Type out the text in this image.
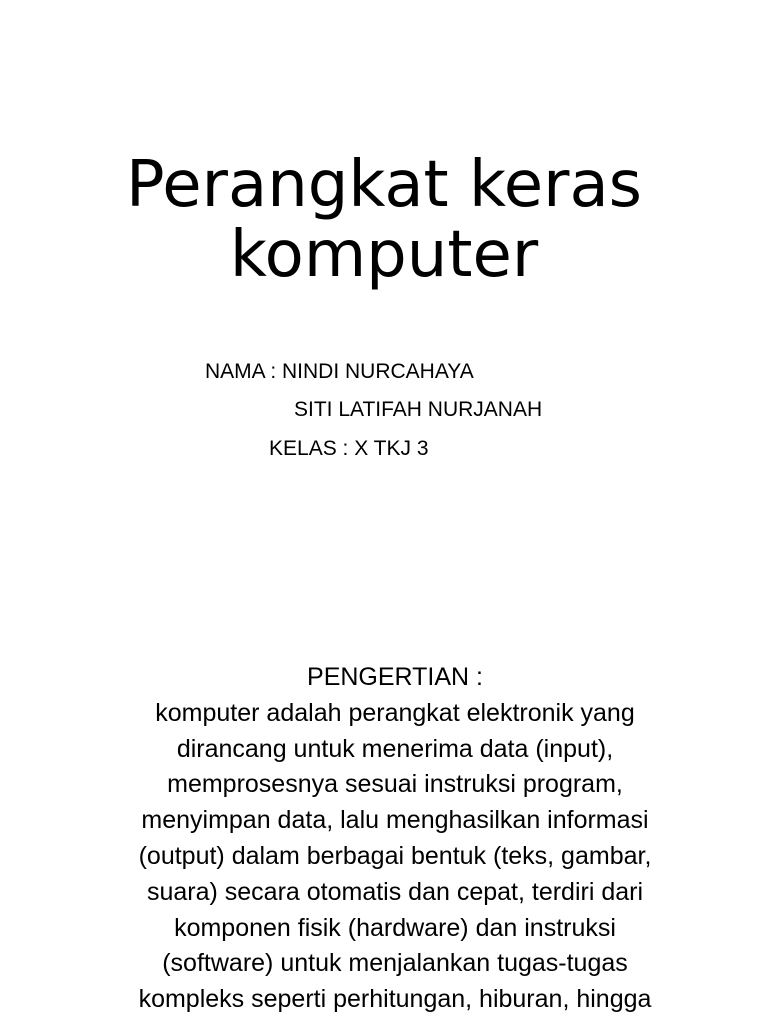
Perangkat keras
komputer
NAMA : NINDI NURCAHAYA
SITI LATIFAH NURJANAH
KELAS : X TKJ 3
PENGERTIAN :
komputer adalah perangkat elektronik yang
dirancang untuk menerima data (input),
memprosesnya sesuai instruksi program,
menyimpan data, lalu menghasilkan informasi
(output) dalam berbagai bentuk (teks, gambar,
suara) secara otomatis dan cepat, terdiri dari
komponen fisik (hardware) dan instruksi
(software) untuk menjalankan tugas-tugas
kompleks seperti perhitungan, hiburan, hingga
